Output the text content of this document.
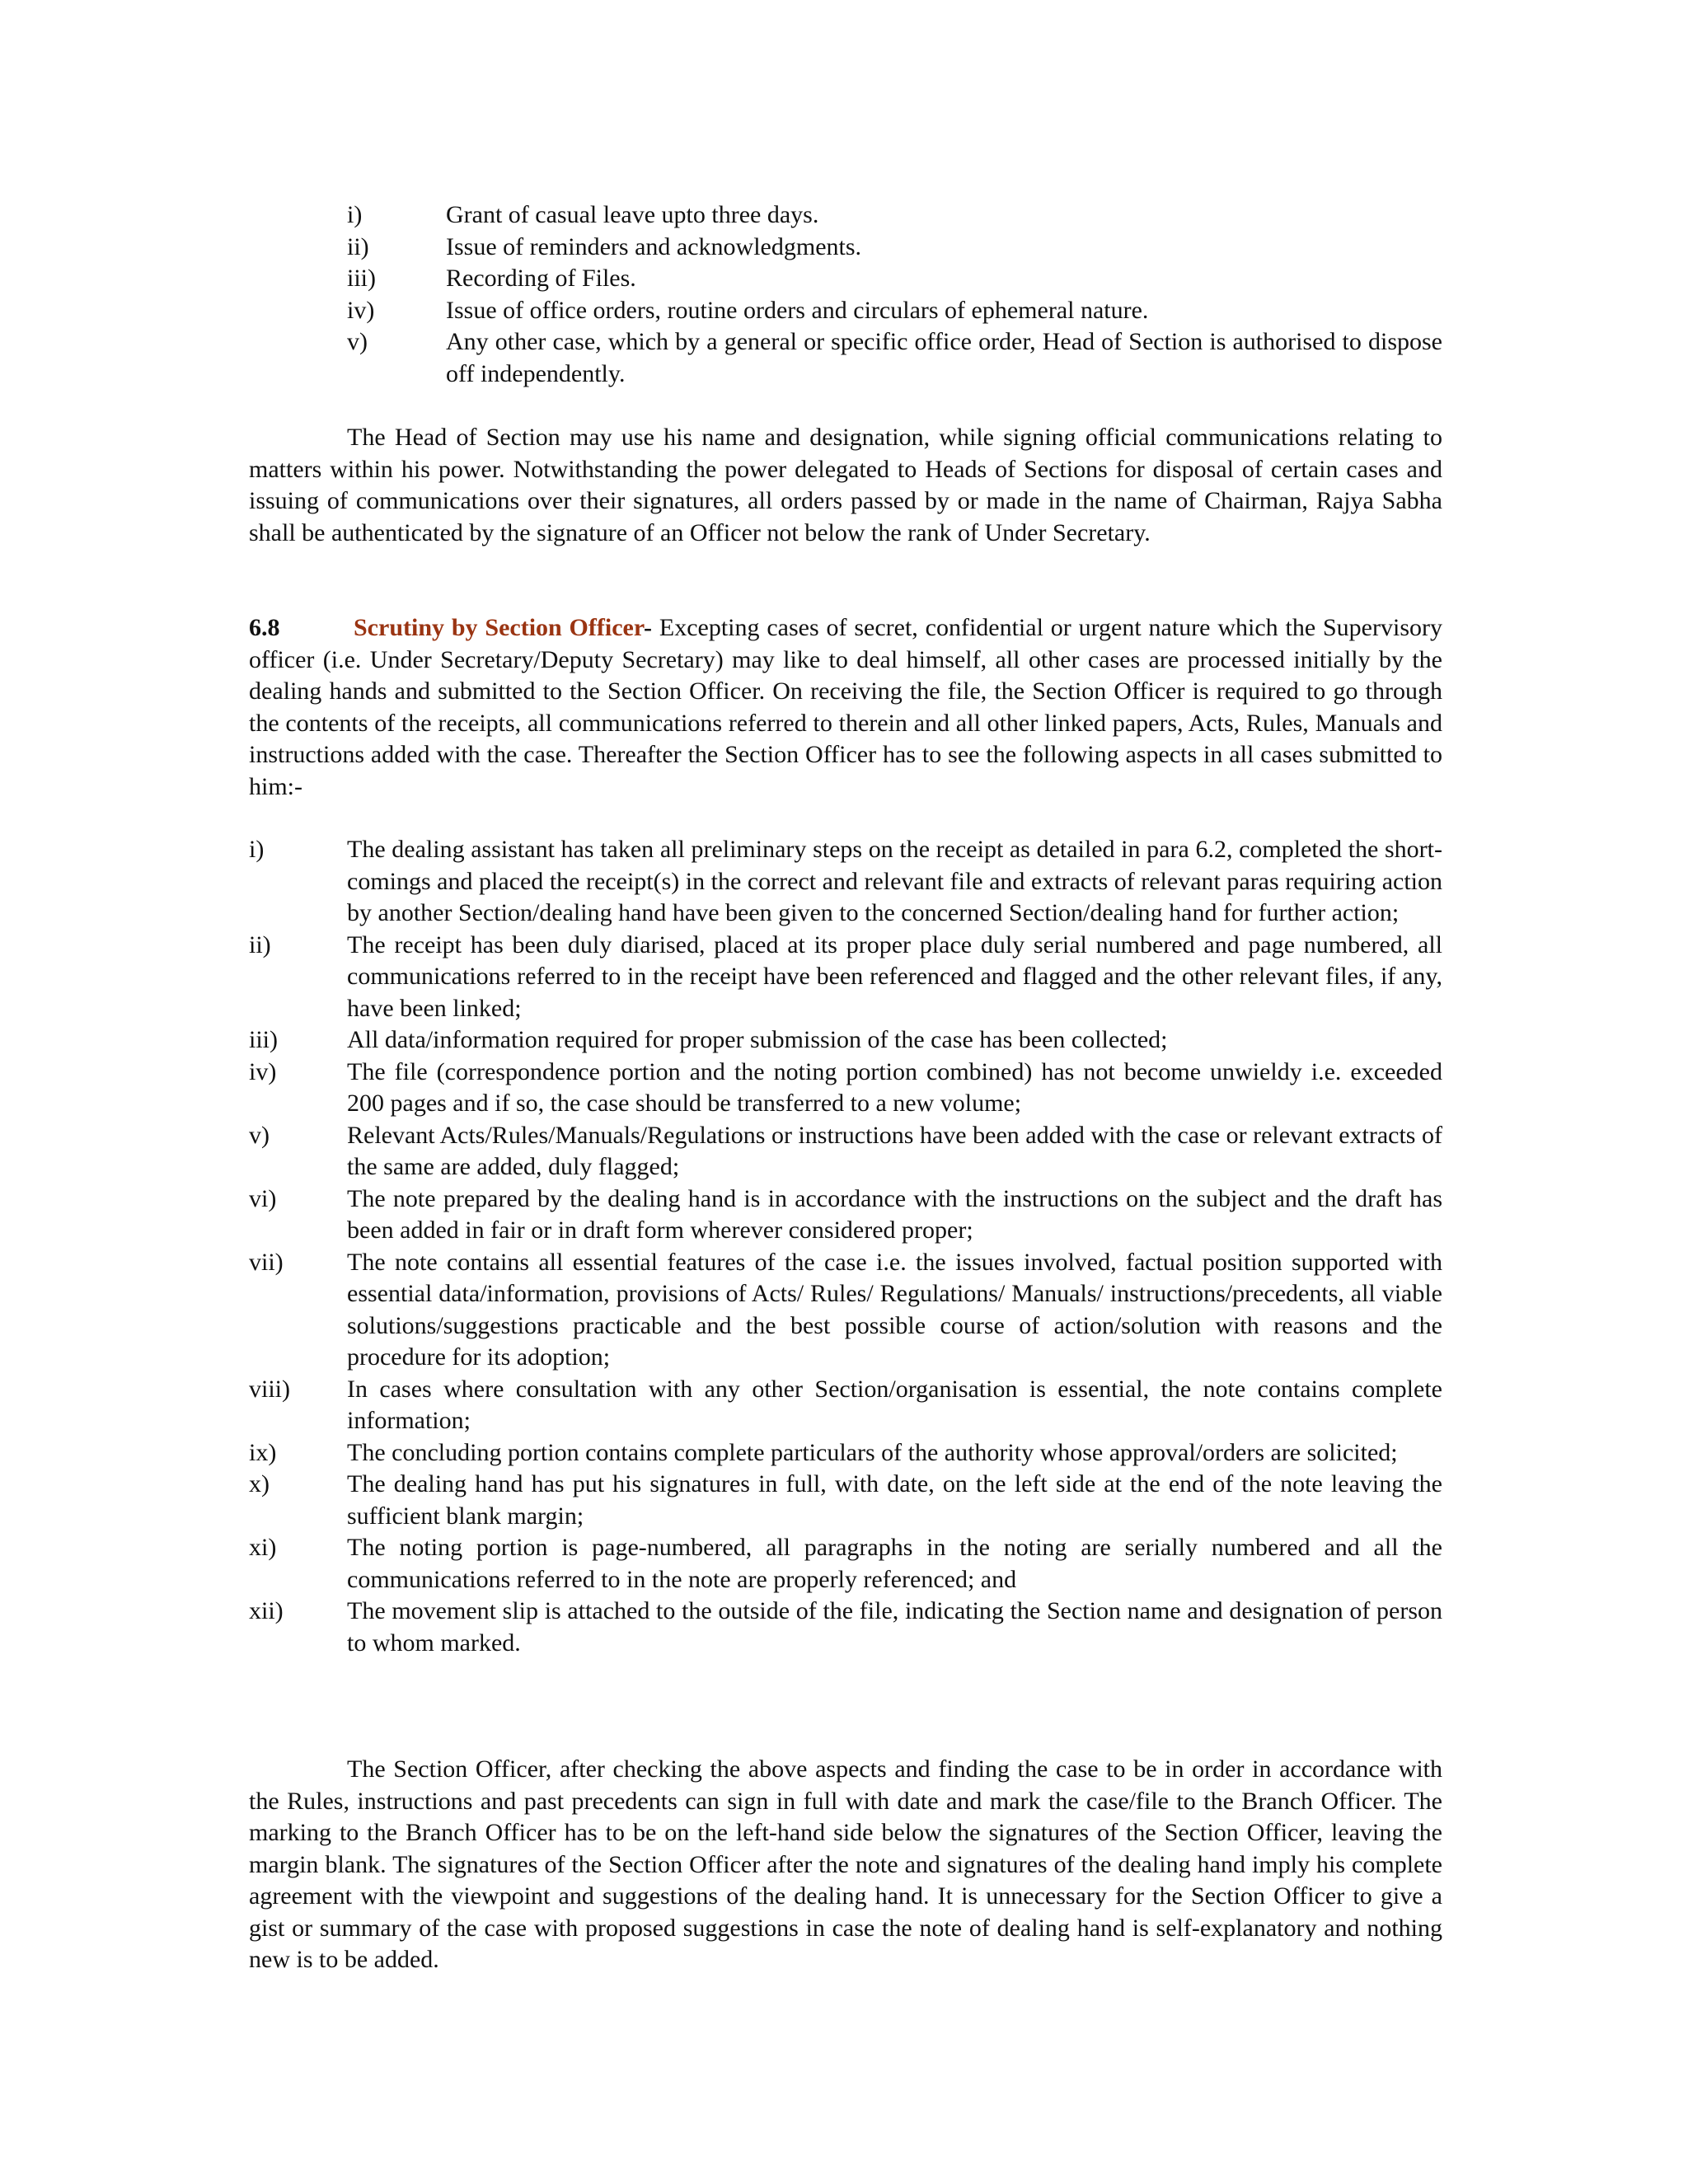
i)	Grant of casual leave upto three days.
ii)	Issue of reminders and acknowledgments.
iii)	Recording of Files.
iv)	Issue of office orders, routine orders and circulars of ephemeral nature.
v)	Any other case, which by a general or specific office order, Head of Section is authorised to dispose off independently.
The Head of Section may use his name and designation, while signing official communications relating to matters within his power. Notwithstanding the power delegated to Heads of Sections for disposal of certain cases and issuing of communications over their signatures, all orders passed by or made in the name of Chairman, Rajya Sabha shall be authenticated by the signature of an Officer not below the rank of Under Secretary.
6.8	Scrutiny by Section Officer- Excepting cases of secret, confidential or urgent nature which the Supervisory officer (i.e. Under Secretary/Deputy Secretary) may like to deal himself, all other cases are processed initially by the dealing hands and submitted to the Section Officer. On receiving the file, the Section Officer is required to go through the contents of the receipts, all communications referred to therein and all other linked papers, Acts, Rules, Manuals and instructions added with the case. Thereafter the Section Officer has to see the following aspects in all cases submitted to him:-
i)	The dealing assistant has taken all preliminary steps on the receipt as detailed in para 6.2, completed the short-comings and placed the receipt(s) in the correct and relevant file and extracts of relevant paras requiring action by another Section/dealing hand have been given to the concerned Section/dealing hand for further action;
ii)	The receipt has been duly diarised, placed at its proper place duly serial numbered and page numbered, all communications referred to in the receipt have been referenced and flagged and the other relevant files, if any, have been linked;
iii)	All data/information required for proper submission of the case has been collected;
iv)	The file (correspondence portion and the noting portion combined) has not become unwieldy i.e. exceeded 200 pages and if so, the case should be transferred to a new volume;
v)	Relevant Acts/Rules/Manuals/Regulations or instructions have been added with the case or relevant extracts of the same are added, duly flagged;
vi)	The note prepared by the dealing hand is in accordance with the instructions on the subject and the draft has been added in fair or in draft form wherever considered proper;
vii)	The note contains all essential features of the case i.e. the issues involved, factual position supported with essential data/information, provisions of Acts/ Rules/ Regulations/ Manuals/ instructions/precedents, all viable solutions/suggestions practicable and the best possible course of action/solution with reasons and the procedure for its adoption;
viii) In cases where consultation with any other Section/organisation is essential, the note contains complete information;
ix)	The concluding portion contains complete particulars of the authority whose approval/orders are solicited;
x)	The dealing hand has put his signatures in full, with date, on the left side at the end of the note leaving the sufficient blank margin;
xi)	The noting portion is page-numbered, all paragraphs in the noting are serially numbered and all the communications referred to in the note are properly referenced; and
xii)	The movement slip is attached to the outside of the file, indicating the Section name and designation of person to whom marked.
The Section Officer, after checking the above aspects and finding the case to be in order in accordance with the Rules, instructions and past precedents can sign in full with date and mark the case/file to the Branch Officer. The marking to the Branch Officer has to be on the left-hand side below the signatures of the Section Officer, leaving the margin blank. The signatures of the Section Officer after the note and signatures of the dealing hand imply his complete agreement with the viewpoint and suggestions of the dealing hand. It is unnecessary for the Section Officer to give a gist or summary of the case with proposed suggestions in case the note of dealing hand is self-explanatory and nothing new is to be added.
